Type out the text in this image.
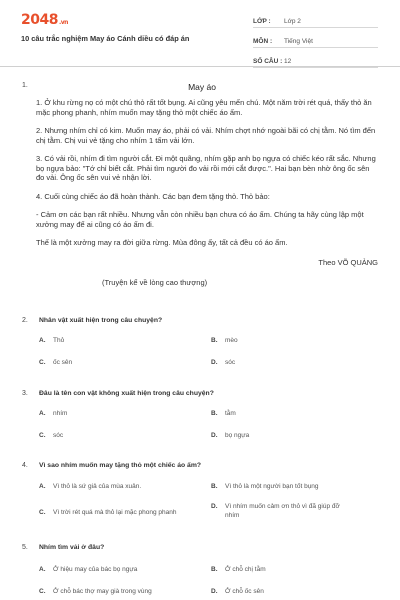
2048.vn
10 câu trắc nghiệm May áo Cánh diều có đáp án
LỚP :	Lớp 2
MÔN :	Tiếng Việt
SỐ CÂU : 12
1.	May áo
1. Ở khu rừng nọ có một chú thỏ rất tốt bụng. Ai cũng yêu mến chú. Một năm trời rét quá, thấy thỏ ăn mặc phong phanh, nhím muốn may tặng thỏ một chiếc áo ấm.
2. Nhưng nhím chỉ có kim. Muốn may áo, phải có vải. Nhím chợt nhớ ngoài bãi có chị tằm. Nó tìm đến chị tằm. Chị vui vẻ tặng cho nhím 1 tấm vải lớn.
3. Có vải rồi, nhím đi tìm người cắt. Đi một quãng, nhím gặp anh bọ ngựa có chiếc kéo rất sắc. Nhưng bọ ngựa bảo: "Tớ chỉ biết cắt. Phải tìm người đo vải rồi mới cắt được.". Hai bạn bèn nhờ ông ốc sên đo vải. Ông ốc sên vui vẻ nhận lời.
4. Cuối cùng chiếc áo đã hoàn thành. Các bạn đem tặng thỏ. Thỏ bảo:
- Cảm ơn các bạn rất nhiều. Nhưng vẫn còn nhiều bạn chưa có áo ấm. Chúng ta hãy cùng lập một xưởng may để ai cũng có áo ấm đi.
Thế là một xưởng may ra đời giữa rừng. Mùa đông ấy, tất cả đều có áo ấm.
Theo VÕ QUẢNG
(Truyện kể về lòng cao thượng)
2. Nhân vật xuất hiện trong câu chuyện?
A. Thỏ	B. mèo
C. ốc sên	D. sóc
3. Đâu là tên con vật không xuất hiện trong câu chuyện?
A. nhím	B. tằm
C. sóc	D. bọ ngựa
4. Vì sao nhím muốn may tặng thỏ một chiếc áo ấm?
A. Vì thỏ là sứ giả của mùa xuân.	B. Vì thỏ là một người bạn tốt bụng
C. Vì trời rét quá mà thỏ lại mặc phong phanh
D. Vì nhím muốn cảm ơn thỏ vì đã giúp đỡ nhím
5. Nhím tìm vải ở đâu?
A. Ở hiệu may của bác bọ ngựa	B. Ở chỗ chị tằm
C. Ở chỗ bác thợ may già trong vùng	D. Ở chỗ ốc sên
